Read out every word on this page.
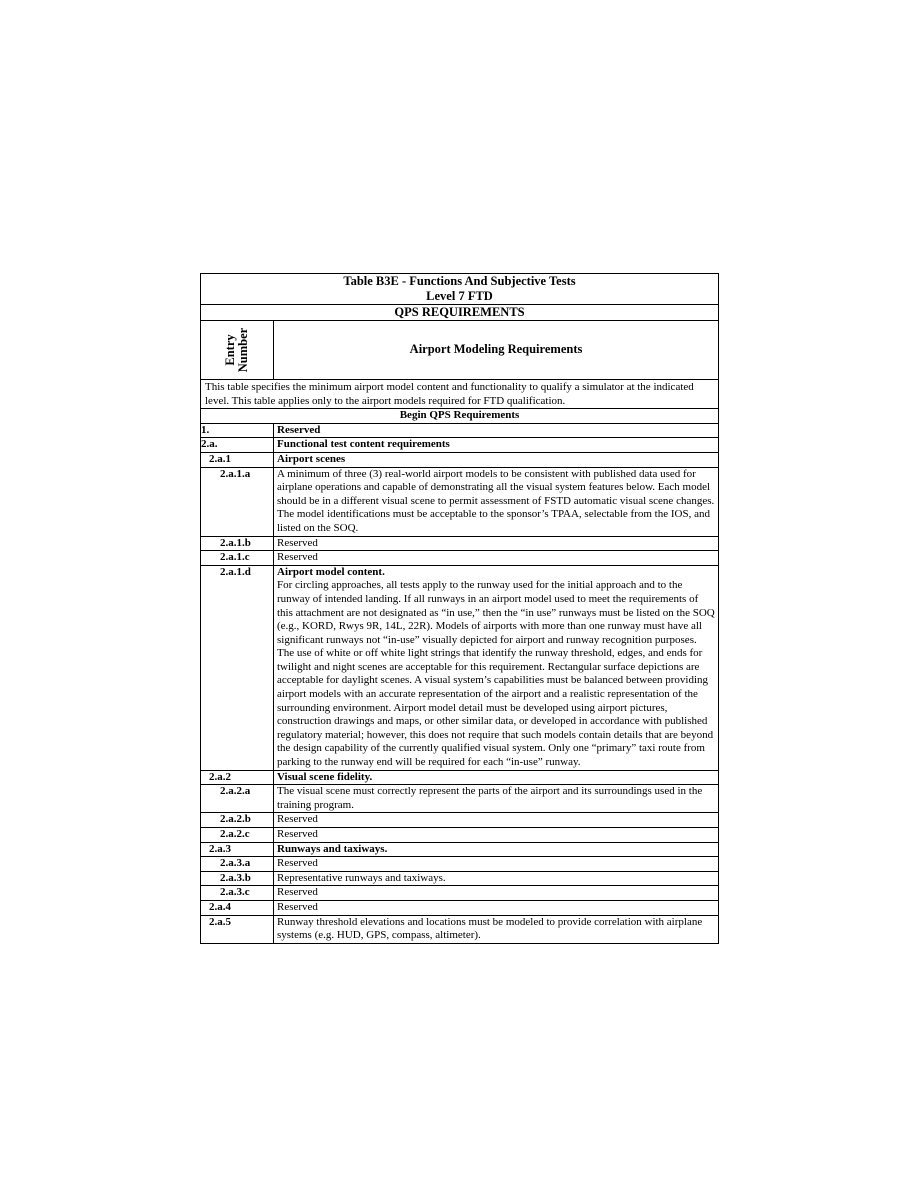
Table B3E - Functions And Subjective Tests
Level 7 FTD	

QPS REQUIREMENTS	

Entry Number	Airport Modeling Requirements
This table specifies the minimum airport model content and functionality to qualify a simulator at the indicated level. This table applies only to the airport models required for FTD qualification.	
Begin QPS Requirements	
1.	Reserved

2.a.	Functional test content requirements

2.a.1	Airport scenes

2.a.1.a	A minimum of three (3) real-world airport models to be consistent with published data used for airplane operations and capable of demonstrating all the visual system features below. Each model should be in a different visual scene to permit assessment of FSTD automatic visual scene changes. The model identifications must be acceptable to the sponsor’s TPAA, selectable from the IOS, and listed on the SOQ.

2.a.1.b	Reserved

2.a.1.c	Reserved

2.a.1.d	Airport model content.
For circling approaches, all tests apply to the runway used for the initial approach and to the runway of intended landing. If all runways in an airport model used to meet the requirements of this attachment are not designated as “in use,” then the “in use” runways must be listed on the SOQ (e.g., KORD, Rwys 9R, 14L, 22R). Models of airports with more than one runway must have all significant runways not “in-use” visually depicted for airport and runway recognition purposes. The use of white or off white light strings that identify the runway threshold, edges, and ends for twilight and night scenes are acceptable for this requirement. Rectangular surface depictions are acceptable for daylight scenes. A visual system’s capabilities must be balanced between providing airport models with an accurate representation of the airport and a realistic representation of the surrounding environment. Airport model detail must be developed using airport pictures, construction drawings and maps, or other similar data, or developed in accordance with published regulatory material; however, this does not require that such models contain details that are beyond the design capability of the currently qualified visual system. Only one “primary” taxi route from parking to the runway end will be required for each “in-use” runway.

2.a.2	Visual scene fidelity.

2.a.2.a	The visual scene must correctly represent the parts of the airport and its surroundings used in the training program.

2.a.2.b	Reserved

2.a.2.c	Reserved

2.a.3	Runways and taxiways.

2.a.3.a	Reserved

2.a.3.b	Representative runways and taxiways.

2.a.3.c	Reserved

2.a.4	Reserved

2.a.5	Runway threshold elevations and locations must be modeled to provide correlation with airplane systems (e.g. HUD, GPS, compass, altimeter).
